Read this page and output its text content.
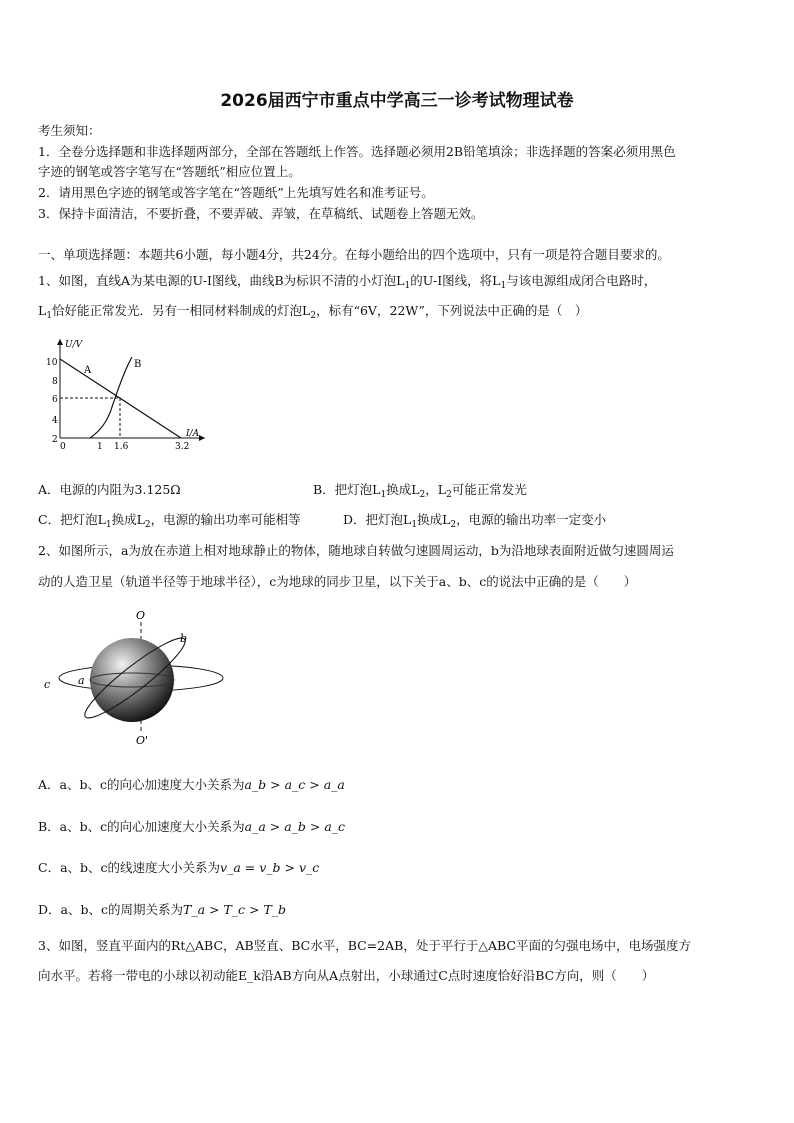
2026届西宁市重点中学高三一诊考试物理试卷
考生须知：
1．全卷分选择题和非选择题两部分，全部在答题纸上作答。选择题必须用2B铅笔填涂；非选择题的答案必须用黑色
字迹的钢笔或答字笔写在“答题纸”相应位置上。
2．请用黑色字迹的钢笔或答字笔在“答题纸”上先填写姓名和准考证号。
3．保持卡面清洁，不要折叠，不要弄破、弄皱，在草稿纸、试题卷上答题无效。
一、单项选择题：本题共6小题，每小题4分，共24分。在每小题给出的四个选项中，只有一项是符合题目要求的。
1、如图，直线A为某电源的U-I图线，曲线B为标识不清的小灯泡$L_1$的U-I图线，将$L_1$与该电源组成闭合电路时，
$L_1$恰好能正常发光．另有一相同材料制成的灯泡$L_2$，标有“6V，22W”，下列说法中正确的是（　）
U/V
I/A
10
8
6
4
2
0	1 1.6	3.2
A
B
A．电源的内阻为3.125Ω	B．把灯泡$L_1$换成$L_2$，$L_2$可能正常发光
C．把灯泡$L_1$换成$L_2$，电源的输出功率可能相等	D．把灯泡$L_1$换成$L_2$，电源的输出功率一定变小
2、如图所示，a为放在赤道上相对地球静止的物体，随地球自转做匀速圆周运动，b为沿地球表面附近做匀速圆周运
动的人造卫星（轨道半径等于地球半径），c为地球的同步卫星，以下关于a、b、c的说法中正确的是（　　）
O
O'
a
b
c
A．a、b、c的向心加速度大小关系为a_b > a_c > a_a
B．a、b、c的向心加速度大小关系为a_a > a_b > a_c
C．a、b、c的线速度大小关系为v_a = v_b > v_c
D．a、b、c的周期关系为T_a > T_c > T_b
3、如图，竖直平面内的Rt△ABC，AB竖直、BC水平，BC=2AB，处于平行于△ABC平面的匀强电场中，电场强度方
向水平。若将一带电的小球以初动能E_k沿AB方向从A点射出，小球通过C点时速度恰好沿BC方向，则（　　）
